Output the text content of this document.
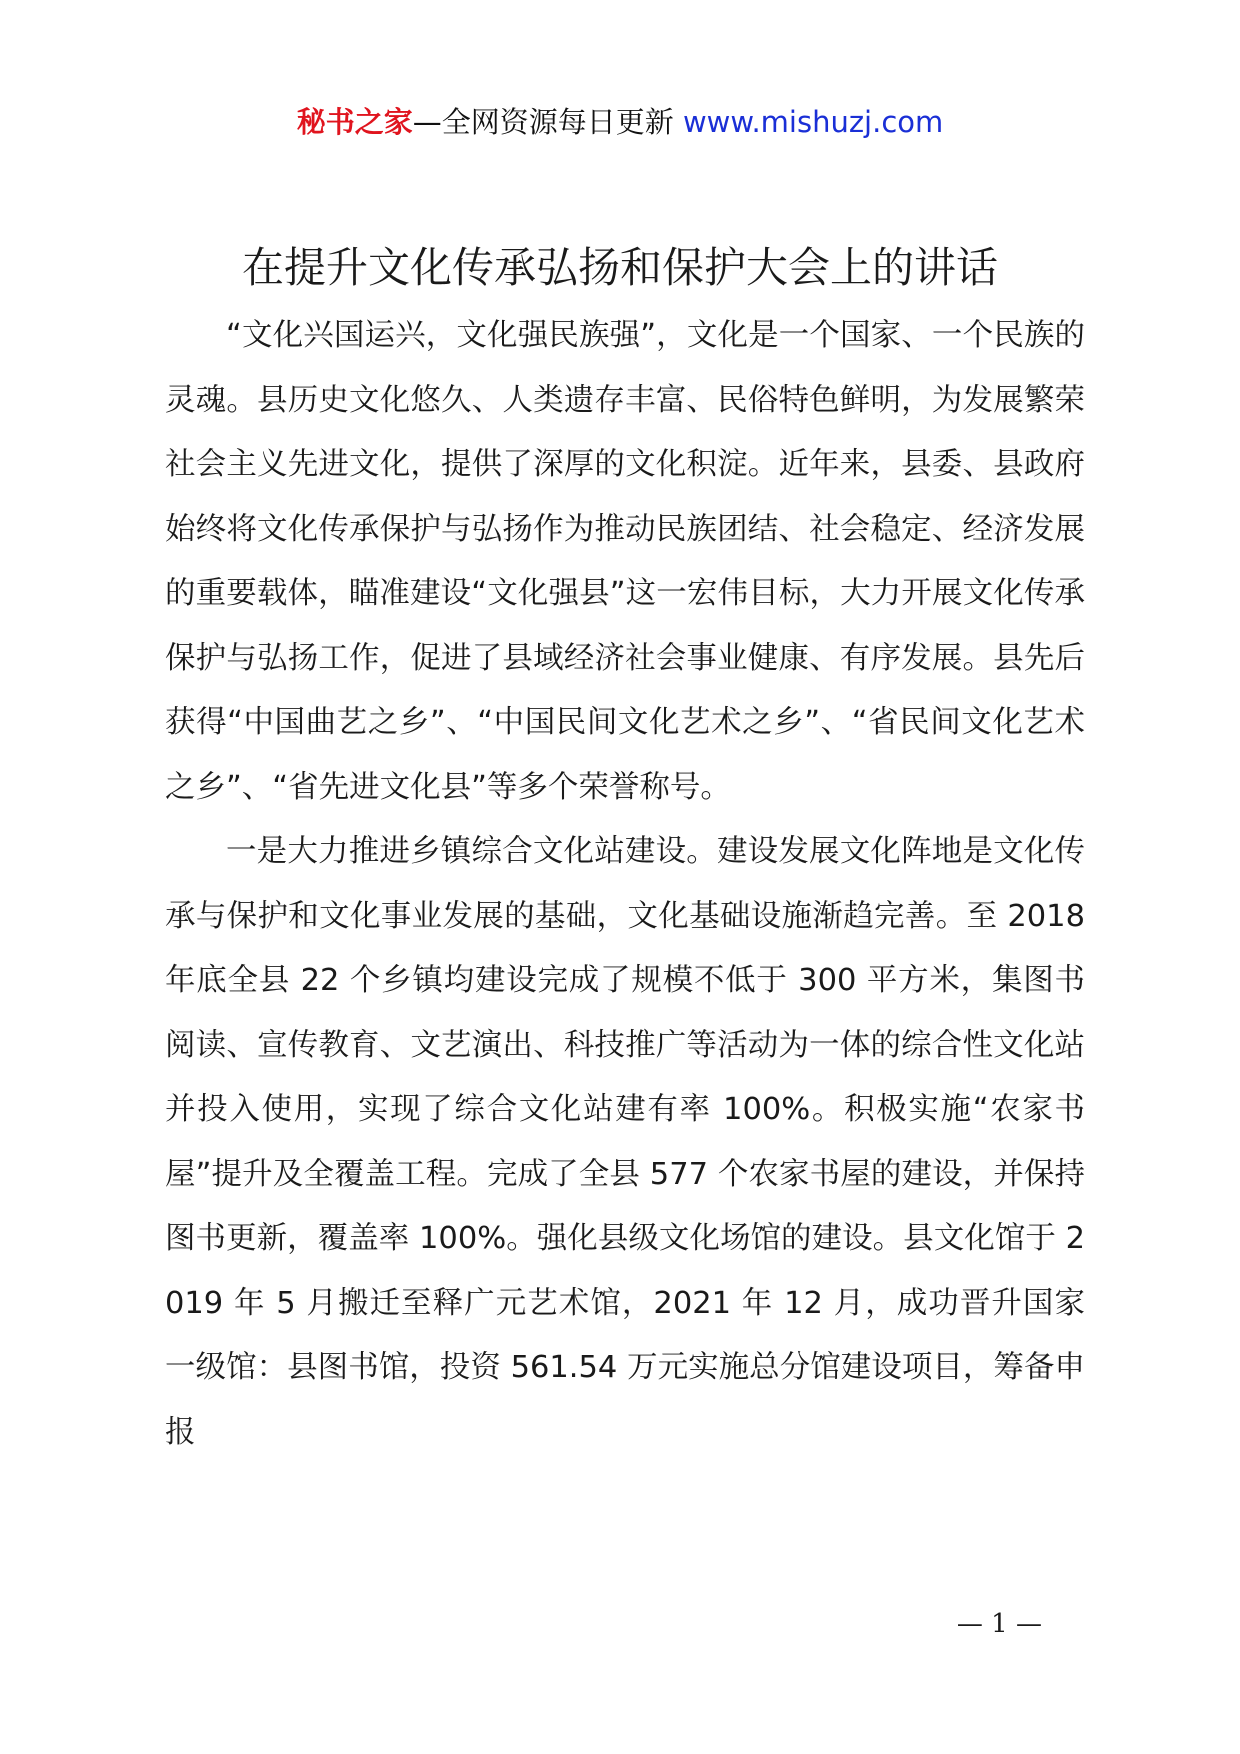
秘书之家—全网资源每日更新 www.mishuzj.com
在提升文化传承弘扬和保护大会上的讲话

“文化兴国运兴，文化强民族强”，文化是一个国家、一个民族的灵魂。县历史文化悠久、人类遗存丰富、民俗特色鲜明，为发展繁荣社会主义先进文化，提供了深厚的文化积淀。近年来，县委、县政府始终将文化传承保护与弘扬作为推动民族团结、社会稳定、经济发展的重要载体，瞄准建设“文化强县”这一宏伟目标，大力开展文化传承保护与弘扬工作，促进了县域经济社会事业健康、有序发展。县先后获得“中国曲艺之乡”、“中国民间文化艺术之乡”、“省民间文化艺术之乡”、“省先进文化县”等多个荣誉称号。

一是大力推进乡镇综合文化站建设。建设发展文化阵地是文化传承与保护和文化事业发展的基础，文化基础设施渐趋完善。至 2018 年底全县 22 个乡镇均建设完成了规模不低于 300 平方米，集图书阅读、宣传教育、文艺演出、科技推广等活动为一体的综合性文化站并投入使用，实现了综合文化站建有率 100%。积极实施“农家书屋”提升及全覆盖工程。完成了全县 577 个农家书屋的建设，并保持图书更新，覆盖率 100%。强化县级文化场馆的建设。县文化馆于 2019 年 5 月搬迁至释广元艺术馆，2021 年 12 月，成功晋升国家一级馆：县图书馆，投资 561.54 万元实施总分馆建设项目，筹备申报

— 1 —
